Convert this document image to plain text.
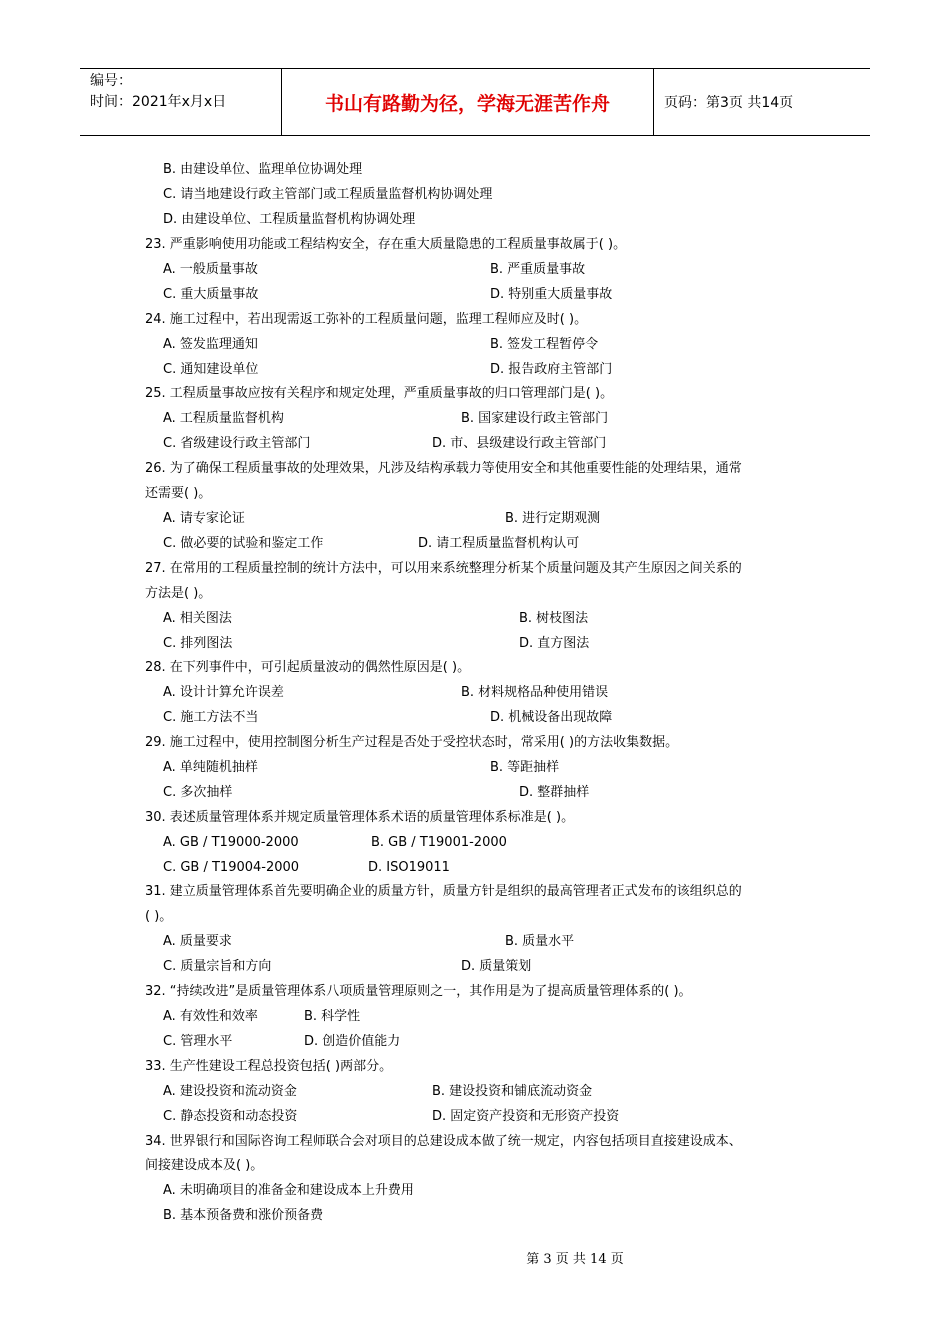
编号：
时间：2021年x月x日	书山有路勤为径，学海无涯苦作舟	页码：第3页 共14页
B. 由建设单位、监理单位协调处理
C. 请当地建设行政主管部门或工程质量监督机构协调处理
D. 由建设单位、工程质量监督机构协调处理
23. 严重影响使用功能或工程结构安全，存在重大质量隐患的工程质量事故属于( )。
A. 一般质量事故	B. 严重质量事故
C. 重大质量事故	D. 特别重大质量事故
24. 施工过程中，若出现需返工弥补的工程质量问题，监理工程师应及时( )。
A. 签发监理通知	B. 签发工程暂停令
C. 通知建设单位	D. 报告政府主管部门
25. 工程质量事故应按有关程序和规定处理，严重质量事故的归口管理部门是( )。
A. 工程质量监督机构	B. 国家建设行政主管部门
C. 省级建设行政主管部门	D. 市、县级建设行政主管部门
26. 为了确保工程质量事故的处理效果，凡涉及结构承载力等使用安全和其他重要性能的处理结果，通常
还需要( )。
A. 请专家论证	B. 进行定期观测
C. 做必要的试验和鉴定工作	D. 请工程质量监督机构认可
27. 在常用的工程质量控制的统计方法中，可以用来系统整理分析某个质量问题及其产生原因之间关系的
方法是( )。
A. 相关图法	B. 树枝图法
C. 排列图法	D. 直方图法
28. 在下列事件中，可引起质量波动的偶然性原因是( )。
A. 设计计算允许误差	B. 材料规格品种使用错误
C. 施工方法不当	D. 机械设备出现故障
29. 施工过程中，使用控制图分析生产过程是否处于受控状态时，常采用( )的方法收集数据。
A. 单纯随机抽样	B. 等距抽样
C. 多次抽样	D. 整群抽样
30. 表述质量管理体系并规定质量管理体系术语的质量管理体系标准是( )。
A. GB / T19000-2000	B. GB / T19001-2000
C. GB / T19004-2000	D. ISO19011
31. 建立质量管理体系首先要明确企业的质量方针，质量方针是组织的最高管理者正式发布的该组织总的
( )。
A. 质量要求	B. 质量水平
C. 质量宗旨和方向	D. 质量策划
32. “持续改进”是质量管理体系八项质量管理原则之一，其作用是为了提高质量管理体系的( )。
A. 有效性和效率	B. 科学性
C. 管理水平	D. 创造价值能力
33. 生产性建设工程总投资包括( )两部分。
A. 建设投资和流动资金	B. 建设投资和铺底流动资金
C. 静态投资和动态投资	D. 固定资产投资和无形资产投资
34. 世界银行和国际咨询工程师联合会对项目的总建设成本做了统一规定，内容包括项目直接建设成本、
间接建设成本及( )。
A. 未明确项目的准备金和建设成本上升费用
B. 基本预备费和涨价预备费
第 3 页 共 14 页
